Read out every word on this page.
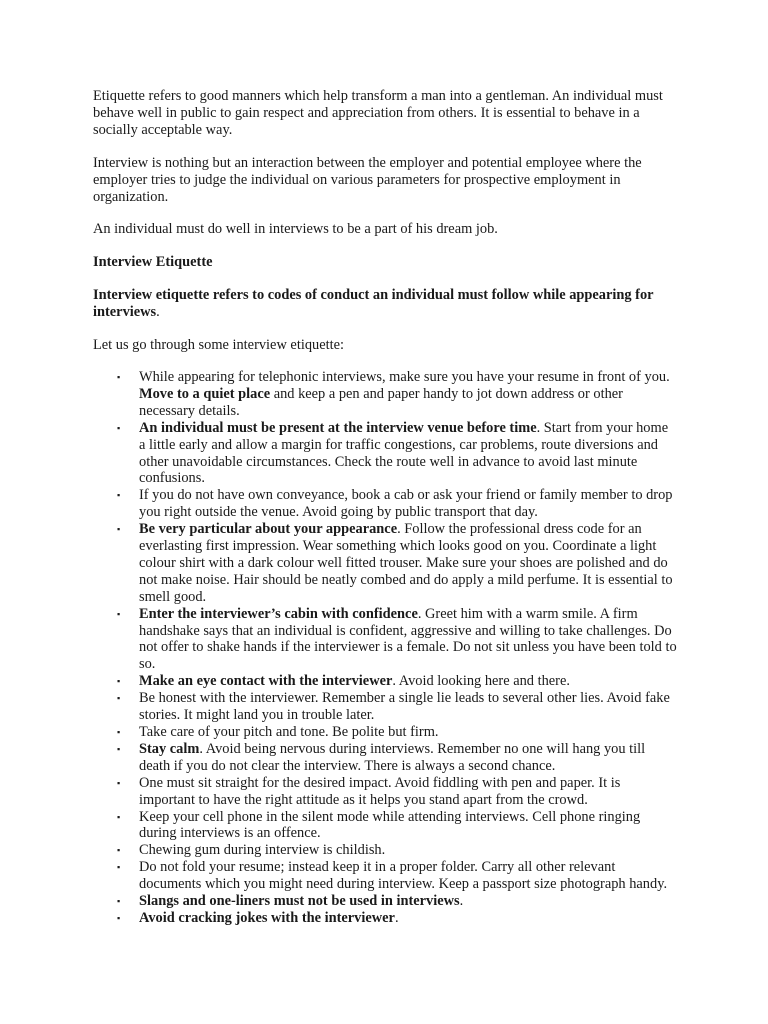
Etiquette refers to good manners which help transform a man into a gentleman. An individual must behave well in public to gain respect and appreciation from others. It is essential to behave in a socially acceptable way.

Interview is nothing but an interaction between the employer and potential employee where the employer tries to judge the individual on various parameters for prospective employment in organization.

An individual must do well in interviews to be a part of his dream job.

Interview Etiquette

Interview etiquette refers to codes of conduct an individual must follow while appearing for interviews.

Let us go through some interview etiquette:

▪ While appearing for telephonic interviews, make sure you have your resume in front of you. Move to a quiet place and keep a pen and paper handy to jot down address or other necessary details.
▪ An individual must be present at the interview venue before time. Start from your home a little early and allow a margin for traffic congestions, car problems, route diversions and other unavoidable circumstances. Check the route well in advance to avoid last minute confusions.
▪ If you do not have own conveyance, book a cab or ask your friend or family member to drop you right outside the venue. Avoid going by public transport that day.
▪ Be very particular about your appearance. Follow the professional dress code for an everlasting first impression. Wear something which looks good on you. Coordinate a light colour shirt with a dark colour well fitted trouser. Make sure your shoes are polished and do not make noise. Hair should be neatly combed and do apply a mild perfume. It is essential to smell good.
▪ Enter the interviewer’s cabin with confidence. Greet him with a warm smile. A firm handshake says that an individual is confident, aggressive and willing to take challenges. Do not offer to shake hands if the interviewer is a female. Do not sit unless you have been told to so.
▪ Make an eye contact with the interviewer. Avoid looking here and there.
▪ Be honest with the interviewer. Remember a single lie leads to several other lies. Avoid fake stories. It might land you in trouble later.
▪ Take care of your pitch and tone. Be polite but firm.
▪ Stay calm. Avoid being nervous during interviews. Remember no one will hang you till death if you do not clear the interview. There is always a second chance.
▪ One must sit straight for the desired impact. Avoid fiddling with pen and paper. It is important to have the right attitude as it helps you stand apart from the crowd.
▪ Keep your cell phone in the silent mode while attending interviews. Cell phone ringing during interviews is an offence.
▪ Chewing gum during interview is childish.
▪ Do not fold your resume; instead keep it in a proper folder. Carry all other relevant documents which you might need during interview. Keep a passport size photograph handy.
▪ Slangs and one-liners must not be used in interviews.
▪ Avoid cracking jokes with the interviewer.
